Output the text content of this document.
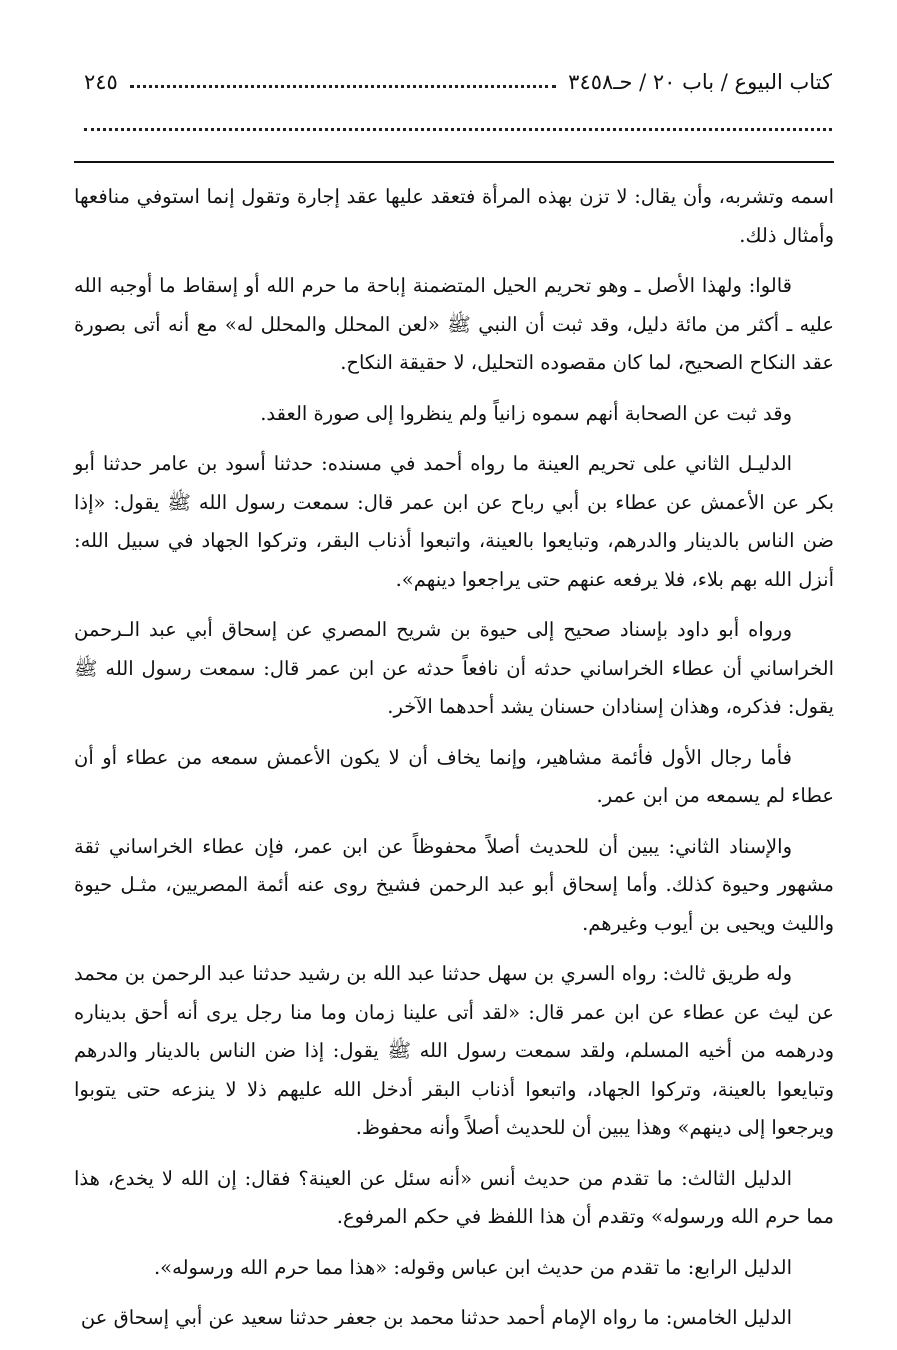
كتاب البيوع / باب ٢٠ / حـ٣٤٥٨
٢٤٥

اسمه وتشربه، وأن يقال: لا تزن بهذه المرأة فتعقد عليها عقد إجارة وتقول إنما استوفي منافعها وأمثال ذلك.

قالوا: ولهذا الأصل ـ وهو تحريم الحيل المتضمنة إباحة ما حرم الله أو إسقاط ما أوجبه الله عليه ـ أكثر من مائة دليل، وقد ثبت أن النبي ﷺ «لعن المحلل والمحلل له» مع أنه أتى بصورة عقد النكاح الصحيح، لما كان مقصوده التحليل، لا حقيقة النكاح.

وقد ثبت عن الصحابة أنهم سموه زانياً ولم ينظروا إلى صورة العقد.

الدليـل الثاني على تحريم العينة ما رواه أحمد في مسنده: حدثنا أسود بن عامر حدثنا أبو بكر عن الأعمش عن عطاء بن أبي رباح عن ابن عمر قال: سمعت رسول الله ﷺ يقول: «إذا ضن الناس بالدينار والدرهم، وتبايعوا بالعينة، واتبعوا أذناب البقر، وتركوا الجهاد في سبيل الله: أنزل الله بهم بلاء، فلا يرفعه عنهم حتى يراجعوا دينهم».

ورواه أبو داود بإسناد صحيح إلى حيوة بن شريح المصري عن إسحاق أبي عبد الـرحمن الخراساني أن عطاء الخراساني حدثه أن نافعاً حدثه عن ابن عمر قال: سمعت رسول الله ﷺ يقول: فذكره، وهذان إسنادان حسنان يشد أحدهما الآخر.

فأما رجال الأول فأئمة مشاهير، وإنما يخاف أن لا يكون الأعمش سمعه من عطاء أو أن عطاء لم يسمعه من ابن عمر.

والإسناد الثاني: يبين أن للحديث أصلاً محفوظاً عن ابن عمر، فإن عطاء الخراساني ثقة مشهور وحيوة كذلك. وأما إسحاق أبو عبد الرحمن فشيخ روى عنه أئمة المصريين، مثـل حيوة والليث ويحيى بن أيوب وغيرهم.

وله طريق ثالث: رواه السري بن سهل حدثنا عبد الله بن رشيد حدثنا عبد الرحمن بن محمد عن ليث عن عطاء عن ابن عمر قال: «لقد أتى علينا زمان وما منا رجل يرى أنه أحق بديناره ودرهمه من أخيه المسلم، ولقد سمعت رسول الله ﷺ يقول: إذا ضن الناس بالدينار والدرهم وتبايعوا بالعينة، وتركوا الجهاد، واتبعوا أذناب البقر أدخل الله عليهم ذلا لا ينزعه حتى يتوبوا ويرجعوا إلى دينهم» وهذا يبين أن للحديث أصلاً وأنه محفوظ.

الدليل الثالث: ما تقدم من حديث أنس «أنه سئل عن العينة؟ فقال: إن الله لا يخدع، هذا مما حرم الله ورسوله» وتقدم أن هذا اللفظ في حكم المرفوع.

الدليل الرابع: ما تقدم من حديث ابن عباس وقوله: «هذا مما حرم الله ورسوله».

الدليل الخامس: ما رواه الإمام أحمد حدثنا محمد بن جعفر حدثنا سعيد عن أبي إسحاق عن
